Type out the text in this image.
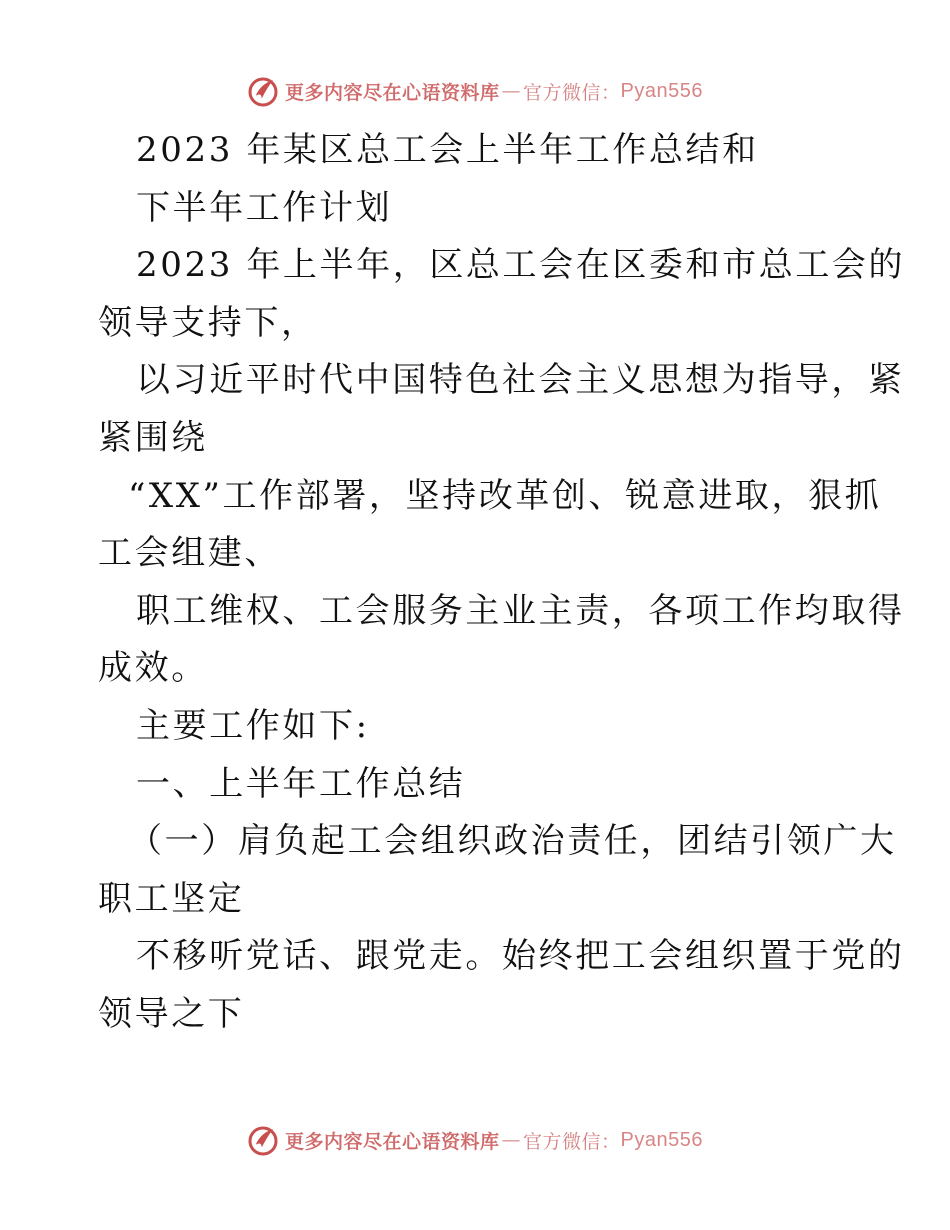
更多内容尽在心语资料库 — 官方微信： Pyan556

2023 年某区总工会上半年工作总结和

下半年工作计划

2023 年上半年，区总工会在区委和市总工会的

领导支持下，

以习近平时代中国特色社会主义思想为指导，紧

紧围绕

“XX”工作部署，坚持改革创、锐意进取，狠抓

工会组建、

职工维权、工会服务主业主责，各项工作均取得

成效。

主要工作如下:

一、上半年工作总结

（一）肩负起工会组织政治责任，团结引领广大

职工坚定

不移听党话、跟党走。始终把工会组织置于党的

领导之下

更多内容尽在心语资料库 — 官方微信： Pyan556
